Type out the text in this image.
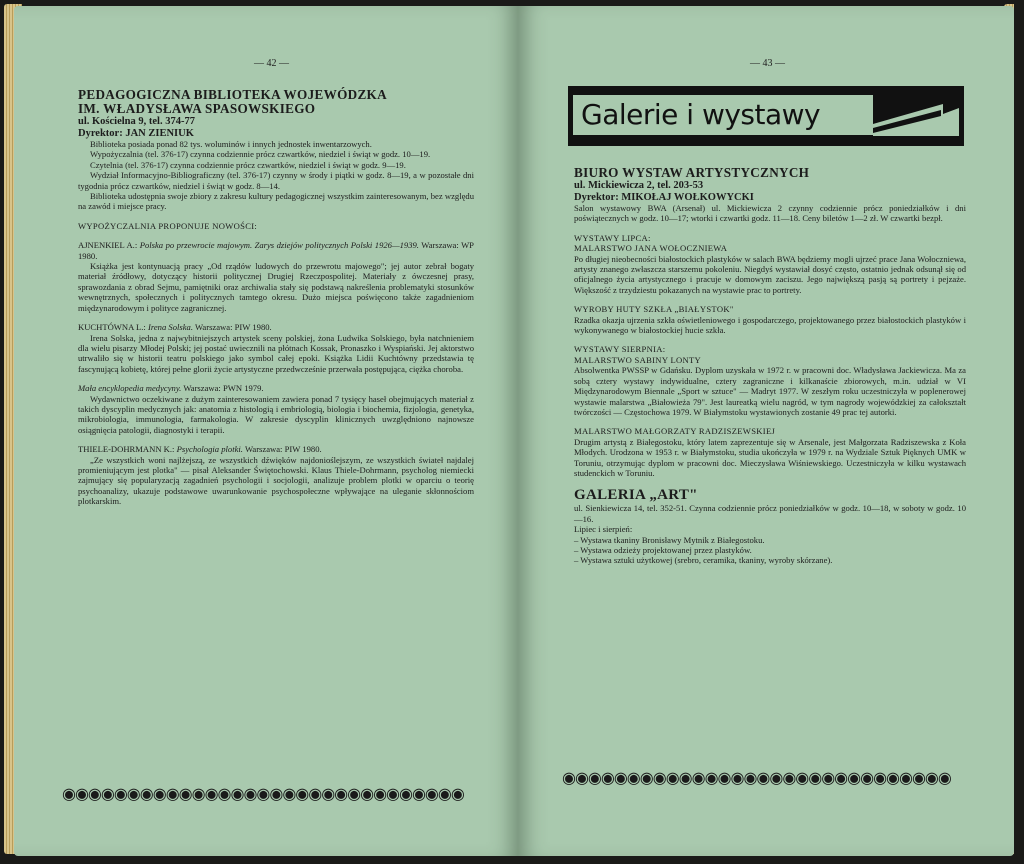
— 42 —

PEDAGOGICZNA BIBLIOTEKA WOJEWÓDZKA

IM. WŁADYSŁAWA SPASOWSKIEGO

ul. Kościelna 9, tel. 374-77

Dyrektor: JAN ZIENIUK

Biblioteka posiada ponad 82 tys. woluminów i innych jednostek inwentarzowych.

Wypożyczalnia (tel. 376-17) czynna codziennie prócz czwartków, niedziel i świąt w godz. 10—19.

Czytelnia (tel. 376-17) czynna codziennie prócz czwartków, niedziel i świąt w godz. 9—19.

Wydział Informacyjno-Bibliograficzny (tel. 376-17) czynny w środy i piątki w godz. 8—19, a w pozostałe dni tygodnia prócz czwartków, niedziel i świąt w godz. 8—14.

Biblioteka udostępnia swoje zbiory z zakresu kultury pedagogicznej wszystkim zainteresowanym, bez względu na zawód i miejsce pracy.

WYPOŻYCZALNIA PROPONUJE NOWOŚCI:

AJNENKIEL A.: Polska po przewrocie majowym. Zarys dziejów politycznych Polski 1926—1939. Warszawa: WP 1980.

Książka jest kontynuacją pracy „Od rządów ludowych do przewrotu majowego"; jej autor zebrał bogaty materiał źródłowy, dotyczący historii politycznej Drugiej Rzeczpospolitej. Materiały z ówczesnej prasy, sprawozdania z obrad Sejmu, pamiętniki oraz archiwalia stały się podstawą nakreślenia problematyki stosunków wewnętrznych, społecznych i politycznych tamtego okresu. Dużo miejsca poświęcono także zagadnieniom międzynarodowym i polityce zagranicznej.

KUCHTÓWNA L.: Irena Solska. Warszawa: PIW 1980.

Irena Solska, jedna z najwybitniejszych artystek sceny polskiej, żona Ludwika Solskiego, była natchnieniem dla wielu pisarzy Młodej Polski; jej postać uwiecznili na płótnach Kossak, Pronaszko i Wyspiański. Jej aktorstwo utrwaliło się w historii teatru polskiego jako symbol całej epoki. Książka Lidii Kuchtówny przedstawia tę fascynującą kobietę, której pełne glorii życie artystyczne przedwcześnie przerwała postępująca, ciężka choroba.

Mała encyklopedia medycyny. Warszawa: PWN 1979.

Wydawnictwo oczekiwane z dużym zainteresowaniem zawiera ponad 7 tysięcy haseł obejmujących materiał z takich dyscyplin medycznych jak: anatomia z histologią i embriologią, biologia i biochemia, fizjologia, genetyka, mikrobiologia, immunologia, farmakologia. W zakresie dyscyplin klinicznych uwzględniono najnowsze osiągnięcia patologii, diagnostyki i terapii.

THIELE-DOHRMANN K.: Psychologia plotki. Warszawa: PIW 1980.

„Ze wszystkich woni najlżejszą, ze wszystkich dźwięków najdonioślejszym, ze wszystkich świateł najdalej promieniującym jest plotka" — pisał Aleksander Świętochowski. Klaus Thiele-Dohrmann, psycholog niemiecki zajmujący się popularyzacją zagadnień psychologii i socjologii, analizuje problem plotki w oparciu o teorię psychoanalizy, ukazuje podstawowe uwarunkowanie psychospołeczne wpływające na uleganie skłonnościom plotkarskim.

◉◉◉◉◉◉◉◉◉◉◉◉◉◉◉◉◉◉◉◉◉◉◉◉◉◉◉◉◉◉◉
— 43 —
Galerie i wystawy

BIURO WYSTAW ARTYSTYCZNYCH

ul. Mickiewicza 2, tel. 203-53

Dyrektor: MIKOŁAJ WOŁKOWYCKI

Salon wystawowy BWA (Arsenał) ul. Mickiewicza 2 czynny codziennie prócz poniedziałków i dni poświątecznych w godz. 10—17; wtorki i czwartki godz. 11—18. Ceny biletów 1—2 zł. W czwartki bezpł.

WYSTAWY LIPCA:

MALARSTWO JANA WOŁOCZNIEWA

Po długiej nieobecności białostockich plastyków w salach BWA będziemy mogli ujrzeć prace Jana Wołoczniewa, artysty znanego zwłaszcza starszemu pokoleniu. Niegdyś wystawiał dosyć często, ostatnio jednak odsunął się od oficjalnego życia artystycznego i pracuje w domowym zaciszu. Jego największą pasją są portrety i pejzaże. Większość z trzydziestu pokazanych na wystawie prac to portrety.

WYROBY HUTY SZKŁA „BIAŁYSTOK"

Rzadka okazja ujrzenia szkła oświetleniowego i gospodarczego, projektowanego przez białostockich plastyków i wykonywanego w białostockiej hucie szkła.

WYSTAWY SIERPNIA:

MALARSTWO SABINY LONTY

Absolwentka PWSSP w Gdańsku. Dyplom uzyskała w 1972 r. w pracowni doc. Władysława Jackiewicza. Ma za sobą cztery wystawy indywidualne, cztery zagraniczne i kilkanaście zbiorowych, m.in. udział w VI Międzynarodowym Biennale „Sport w sztuce" — Madryt 1977. W zeszłym roku uczestniczyła w poplenerowej wystawie malarstwa „Białowieża 79". Jest laureatką wielu nagród, w tym nagrody wojewódzkiej za całokształt twórczości — Częstochowa 1979. W Białymstoku wystawionych zostanie 49 prac tej autorki.

MALARSTWO MAŁGORZATY RADZISZEWSKIEJ

Drugim artystą z Białegostoku, który latem zaprezentuje się w Arsenale, jest Małgorzata Radziszewska z Koła Młodych. Urodzona w 1953 r. w Białymstoku, studia ukończyła w 1979 r. na Wydziale Sztuk Pięknych UMK w Toruniu, otrzymując dyplom w pracowni doc. Mieczysława Wiśniewskiego. Uczestniczyła w kilku wystawach studenckich w Toruniu.

GALERIA „ART"

ul. Sienkiewicza 14, tel. 352-51. Czynna codziennie prócz poniedziałków w godz. 10—18, w soboty w godz. 10—16.

Lipiec i sierpień:

– Wystawa tkaniny Bronisławy Mytnik z Białegostoku.

– Wystawa odzieży projektowanej przez plastyków.

– Wystawa sztuki użytkowej (srebro, ceramika, tkaniny, wyroby skórzane).

◉◉◉◉◉◉◉◉◉◉◉◉◉◉◉◉◉◉◉◉◉◉◉◉◉◉◉◉◉◉
